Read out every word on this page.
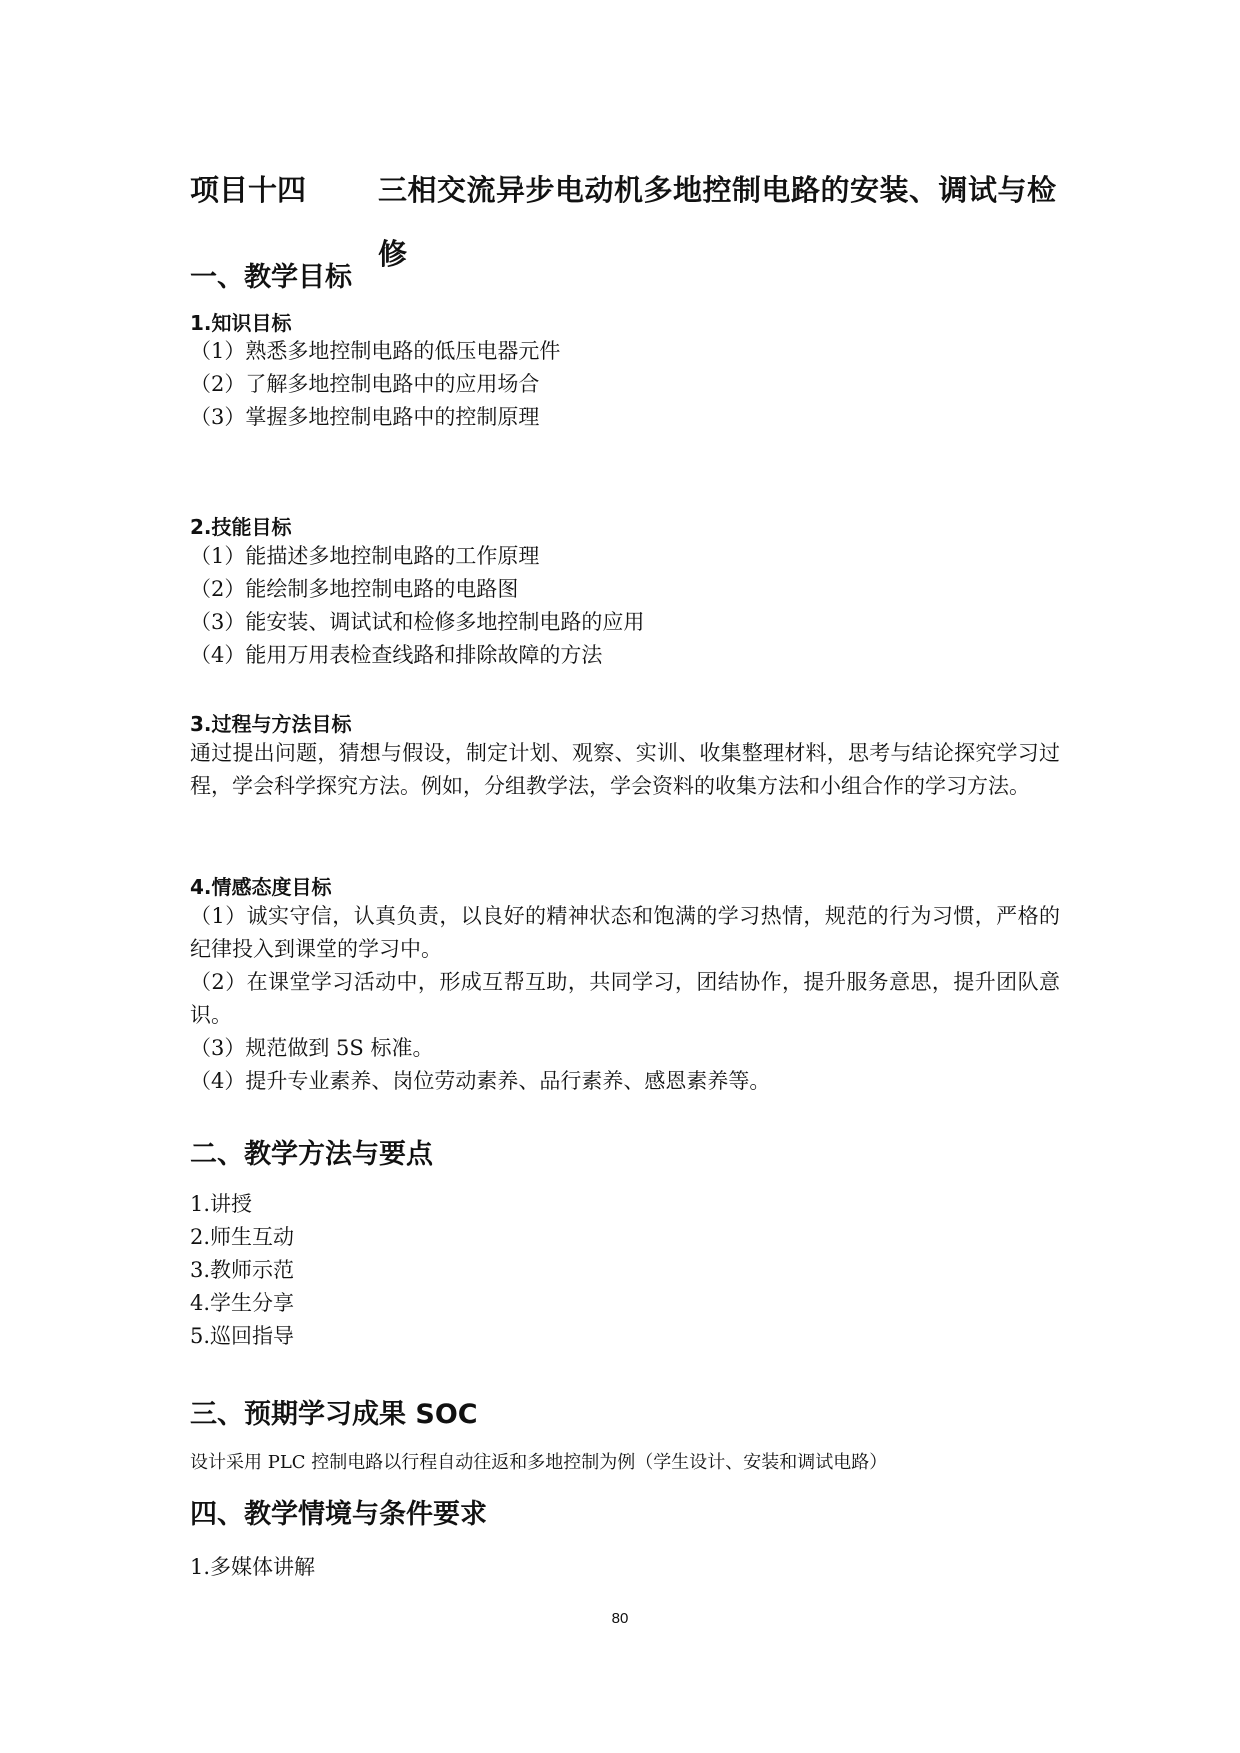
项目十四 三相交流异步电动机多地控制电路的安装、调试与检修
一、教学目标
1.知识目标
（1）熟悉多地控制电路的低压电器元件
（2）了解多地控制电路中的应用场合
（3）掌握多地控制电路中的控制原理
2.技能目标
（1）能描述多地控制电路的工作原理
（2）能绘制多地控制电路的电路图
（3）能安装、调试试和检修多地控制电路的应用
（4）能用万用表检查线路和排除故障的方法
3.过程与方法目标
通过提出问题，猜想与假设，制定计划、观察、实训、收集整理材料，思考与结论探究学习过程，学会科学探究方法。例如，分组教学法，学会资料的收集方法和小组合作的学习方法。
4.情感态度目标
（1）诚实守信，认真负责，以良好的精神状态和饱满的学习热情，规范的行为习惯，严格的纪律投入到课堂的学习中。
（2）在课堂学习活动中，形成互帮互助，共同学习，团结协作，提升服务意思，提升团队意识。
（3）规范做到 5S 标准。
（4）提升专业素养、岗位劳动素养、品行素养、感恩素养等。
二、教学方法与要点
1.讲授
2.师生互动
3.教师示范
4.学生分享
5.巡回指导
三、预期学习成果 SOC
设计采用 PLC 控制电路以行程自动往返和多地控制为例（学生设计、安装和调试电路）
四、教学情境与条件要求
1.多媒体讲解
80
